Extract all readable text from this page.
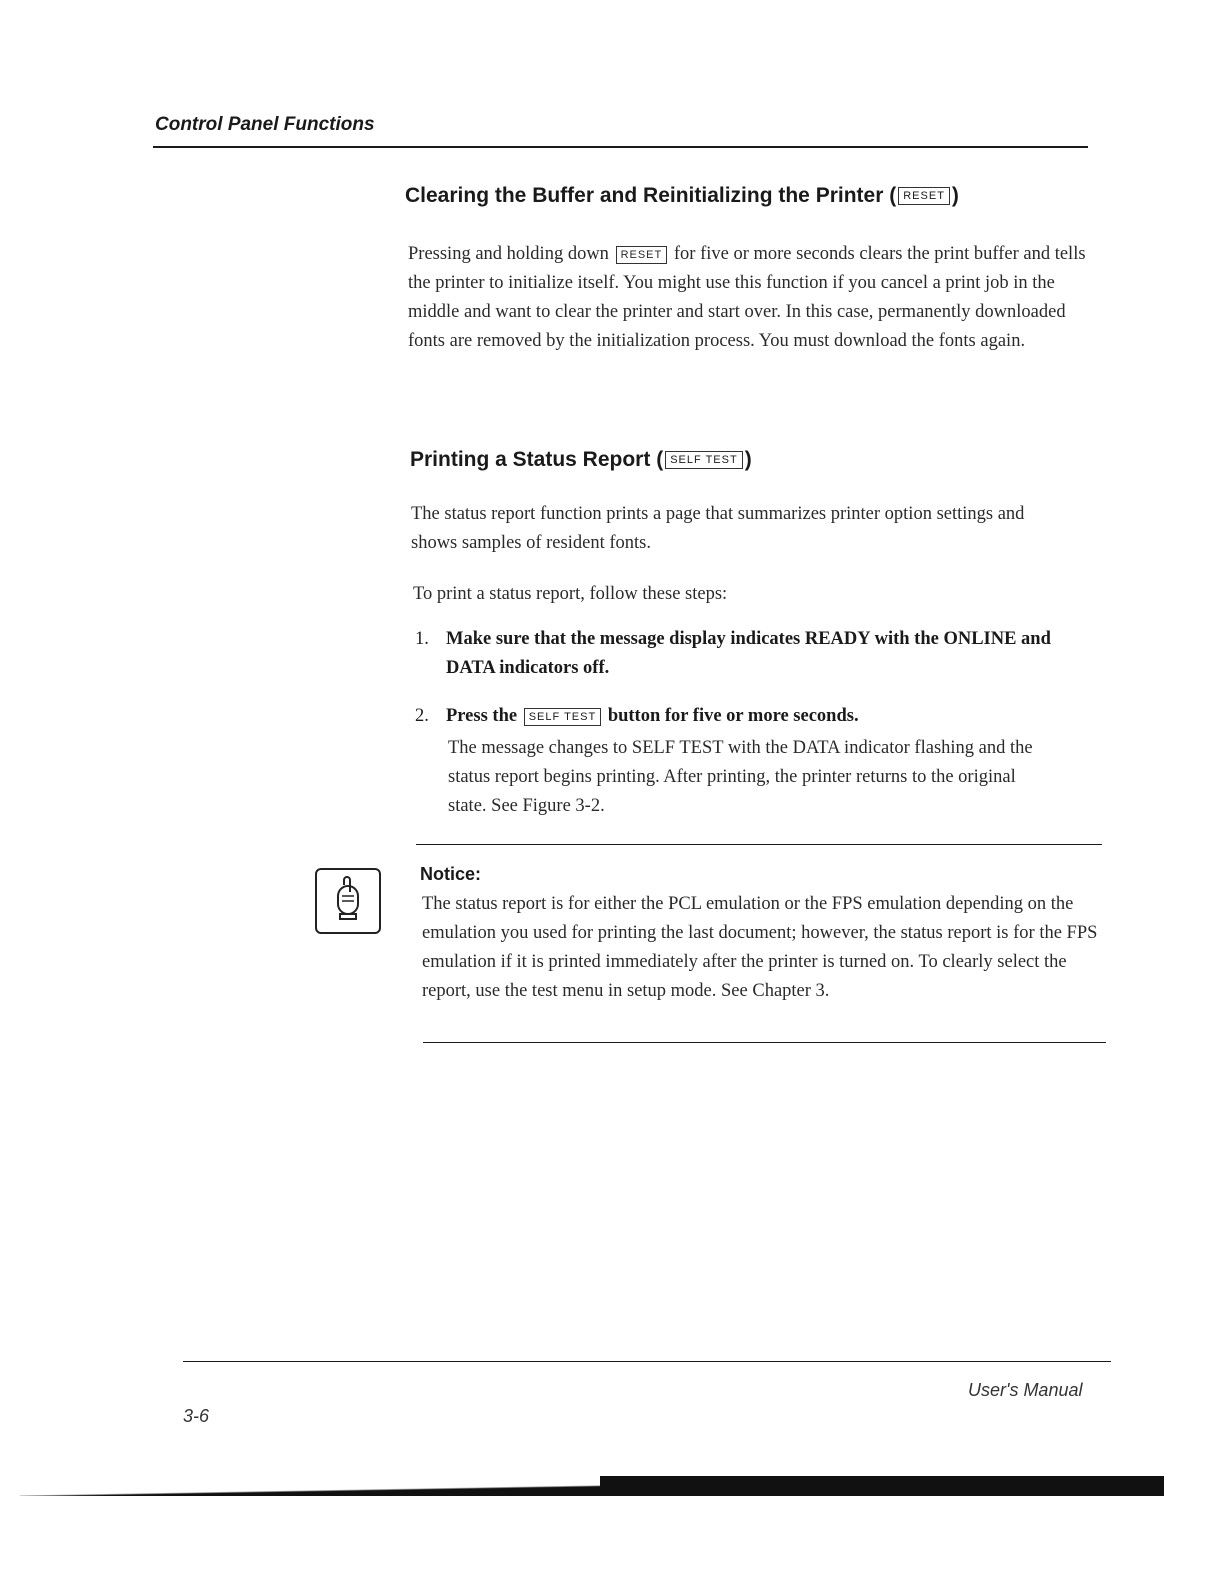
Control Panel Functions
Clearing the Buffer and Reinitializing the Printer ( RESET )
Pressing and holding down RESET for five or more seconds clears the print buffer and tells the printer to initialize itself. You might use this function if you cancel a print job in the middle and want to clear the printer and start over. In this case, permanently downloaded fonts are removed by the initialization process. You must download the fonts again.
Printing a Status Report ( SELF TEST )
The status report function prints a page that summarizes printer option settings and shows samples of resident fonts.
To print a status report, follow these steps:
1. Make sure that the message display indicates READY with the ONLINE and DATA indicators off.
2. Press the SELF TEST button for five or more seconds.
The message changes to SELF TEST with the DATA indicator flashing and the status report begins printing. After printing, the printer returns to the original state. See Figure 3-2.
Notice:
The status report is for either the PCL emulation or the FPS emulation depending on the emulation you used for printing the last document; however, the status report is for the FPS emulation if it is printed immediately after the printer is turned on. To clearly select the report, use the test menu in setup mode. See Chapter 3.
User's Manual
3-6
